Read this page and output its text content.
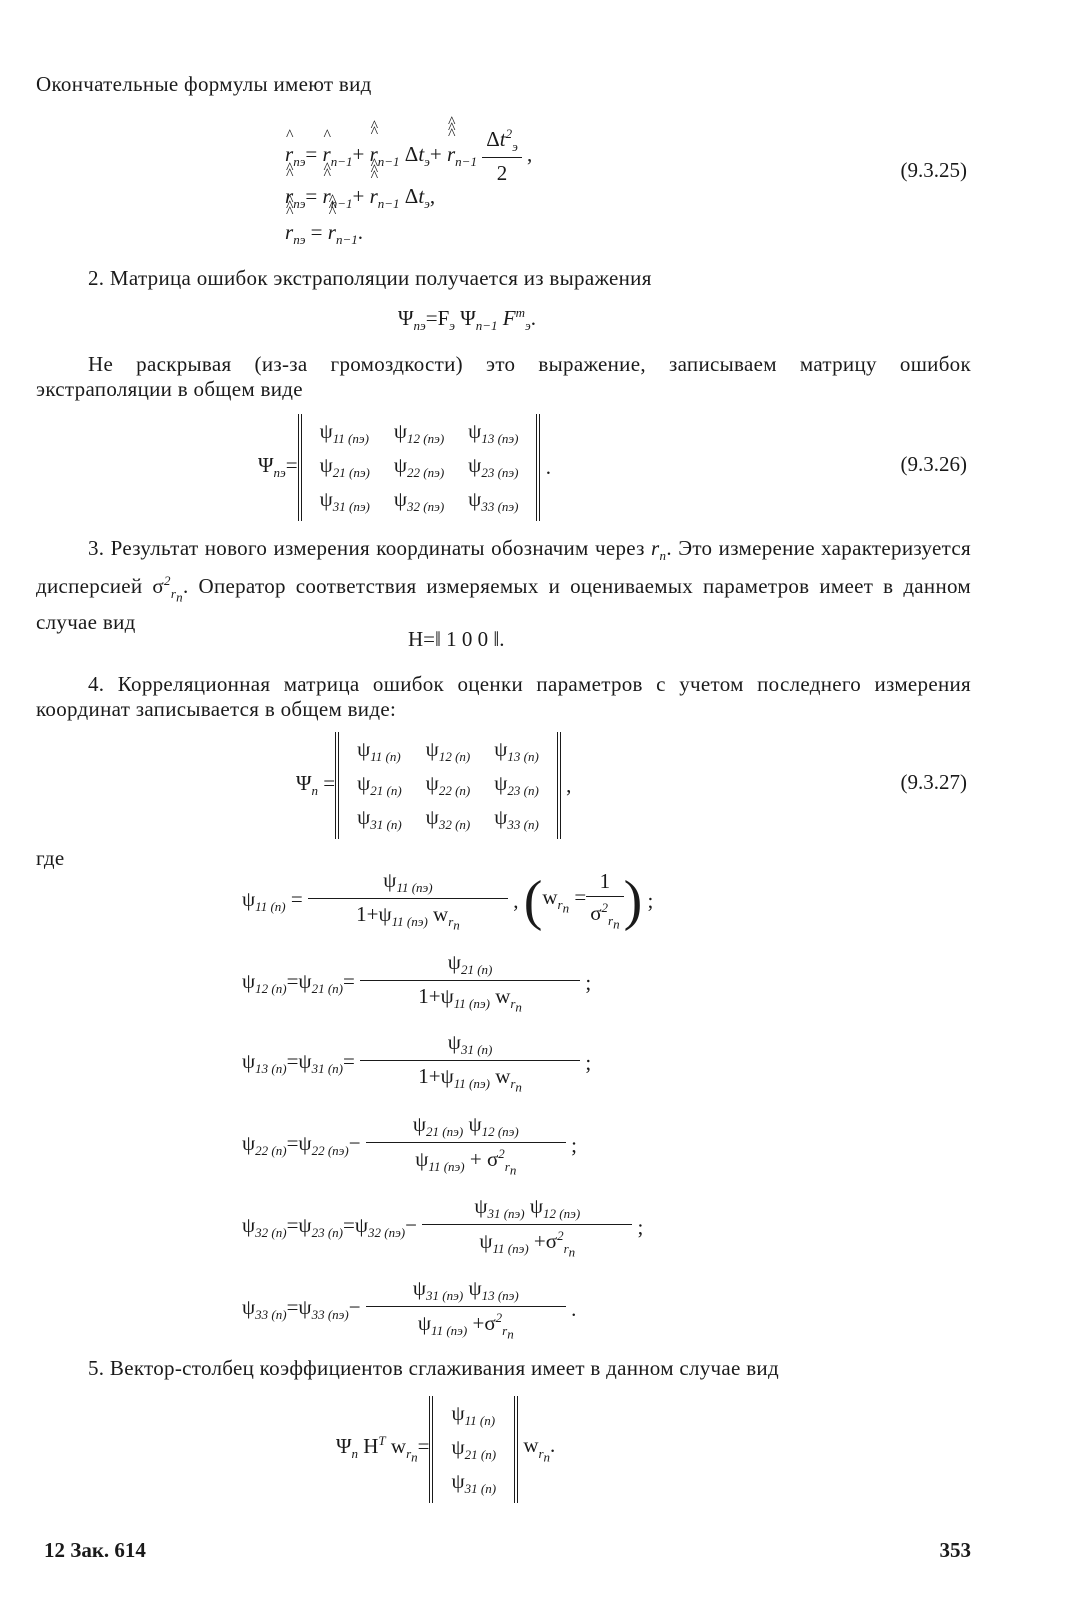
Окончательные формулы имеют вид
^ $r_{nэ}=$ ^ $r_{n-1}+$ ^ ^ $r_{n-1}$ $\Delta t_э+$ ^ ^ ^ $r_{n-1} \frac{\Delta t^2_э}{2}$ ,
^ ^ $r_{nэ}=$ ^ ^ $r_{n-1}+$ ^ ^ ^ $r_{n-1}$ $\Delta t_э$,
^ ^ ^ $r_{nэ}$ = ^ ^ ^ $r_{n-1}$.
(9.3.25)
2. Матрица ошибок экстраполяции получается из выражения
$\Psi_{nэ}=F_э$ $\Psi_{n-1}$ $F^т_э$.
Не раскрывая (из-за громоздкости) это выражение, записываем матрицу ошибок экстраполяции в общем виде
$\Psi_{nэ}=$
$\psi_{11 (nэ)}$	$\psi_{12 (nэ)}$	$\psi_{13 (nэ)}$
$\psi_{21 (nэ)}$	$\psi_{22 (nэ)}$	$\psi_{23 (nэ)}$
$\psi_{31 (nэ)}$	$\psi_{32 (nэ)}$	$\psi_{33 (nэ)}$
.	(9.3.26)
3. Результат нового измерения координаты обозначим через $r_n$. Это измерение характеризуется дисперсией $\sigma^2_{r_n}$. Оператор соответствия измеряемых и оцениваемых параметров имеет в данном случае вид
H=‖ 1 0 0 ‖.
4. Корреляционная матрица ошибок оценки параметров с учетом последнего измерения координат записывается в общем виде:
$\Psi_n$ =
$\psi_{11 (n)}$	$\psi_{12 (n)}$	$\psi_{13 (n)}$
$\psi_{21 (n)}$	$\psi_{22 (n)}$	$\psi_{23 (n)}$
$\psi_{31 (n)}$	$\psi_{32 (n)}$	$\psi_{33 (n)}$
,	(9.3.27)
где
$\psi_{11 (n)} = \frac{\psi_{11 (nэ)}}{1+\psi_{11 (nэ)} w_{r_n}}$ , ($w_{r_n} = \frac{1}{\sigma^2_{r_n}}$ ) ;
$\psi_{12 (n)}=\psi_{21 (n)}= \frac{\psi_{21 (n)}}{1+\psi_{11 (nэ)} w_{r_n}}$ ;
$\psi_{13 (n)}=\psi_{31 (n)}= \frac{\psi_{31 (n)}}{1+\psi_{11 (nэ)} w_{r_n}}$ ;
$\psi_{22 (n)}=\psi_{22 (nэ)}- \frac{\psi_{21 (nэ)} \psi_{12 (nэ)}}{\psi_{11 (nэ)} + \sigma^2_{r_n}}$ ;
$\psi_{32 (n)}=\psi_{23 (n)}=\psi_{32 (nэ)}- \frac{\psi_{31 (nэ)} \psi_{12 (nэ)}}{\psi_{11 (nэ)} +\sigma^2_{r_n}}$ ;
$\psi_{33 (n)}=\psi_{33 (nэ)}- \frac{\psi_{31 (nэ)} \psi_{13 (nэ)}}{\psi_{11 (nэ)} +\sigma^2_{r_n}}$ .
5. Вектор-столбец коэффициентов сглаживания имеет в данном случае вид
$\Psi_n$ $H^T$ $w_{r_n}=$
$\psi_{11 (n)}$
$\psi_{21 (n)}$
$\psi_{31 (n)}$
$w_{r_n}$.
12 Зак. 614	353
